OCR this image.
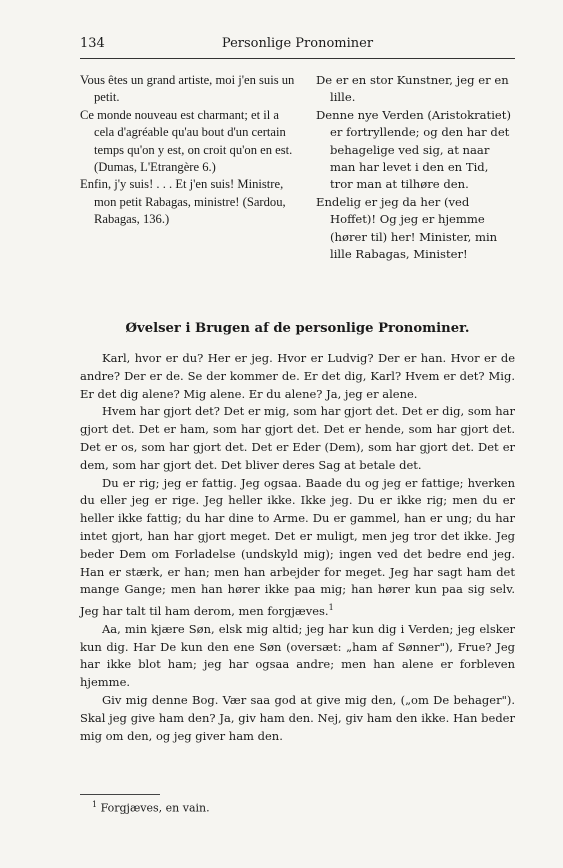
134	Personlige Pronominer
Vous êtes un grand artiste, moi j'en suis un petit.
Ce monde nouveau est charmant; et il a cela d'agréable qu'au bout d'un certain temps qu'on y est, on croit qu'on en est. (Dumas, L'Etrangère 6.)
Enfin, j'y suis! . . . Et j'en suis! Ministre, mon petit Rabagas, ministre! (Sardou, Rabagas, 136.)
De er en stor Kunstner, jeg er en lille.
Denne nye Verden (Aristokratiet) er fortryllende; og den har det behagelige ved sig, at naar man har levet i den en Tid, tror man at tilhøre den.
Endelig er jeg da her (ved Hoffet)! Og jeg er hjemme (hører til) her! Minister, min lille Rabagas, Minister!
Øvelser i Brugen af de personlige Pronominer.

Karl, hvor er du? Her er jeg. Hvor er Ludvig? Der er han. Hvor er de andre? Der er de. Se der kommer de. Er det dig, Karl? Hvem er det? Mig. Er det dig alene? Mig alene. Er du alene? Ja, jeg er alene.

Hvem har gjort det? Det er mig, som har gjort det. Det er dig, som har gjort det. Det er ham, som har gjort det. Det er hende, som har gjort det. Det er os, som har gjort det. Det er Eder (Dem), som har gjort det. Det er dem, som har gjort det. Det bliver deres Sag at betale det.

Du er rig; jeg er fattig. Jeg ogsaa. Baade du og jeg er fattige; hverken du eller jeg er rige. Jeg heller ikke. Ikke jeg. Du er ikke rig; men du er heller ikke fattig; du har dine to Arme. Du er gammel, han er ung; du har intet gjort, han har gjort meget. Det er muligt, men jeg tror det ikke. Jeg beder Dem om Forladelse (undskyld mig); ingen ved det bedre end jeg. Han er stærk, er han; men han arbejder for meget. Jeg har sagt ham det mange Gange; men han hører ikke paa mig; han hører kun paa sig selv. Jeg har talt til ham derom, men forgjæves.$^1$

Aa, min kjære Søn, elsk mig altid; jeg har kun dig i Verden; jeg elsker kun dig. Har De kun den ene Søn (oversæt: „ham af Sønner"), Frue? Jeg har ikke blot ham; jeg har ogsaa andre; men han alene er forbleven hjemme.

Giv mig denne Bog. Vær saa god at give mig den, („om De behager"). Skal jeg give ham den? Ja, giv ham den. Nej, giv ham den ikke. Han beder mig om den, og jeg giver ham den.

$^1$ Forgjæves, en vain.
